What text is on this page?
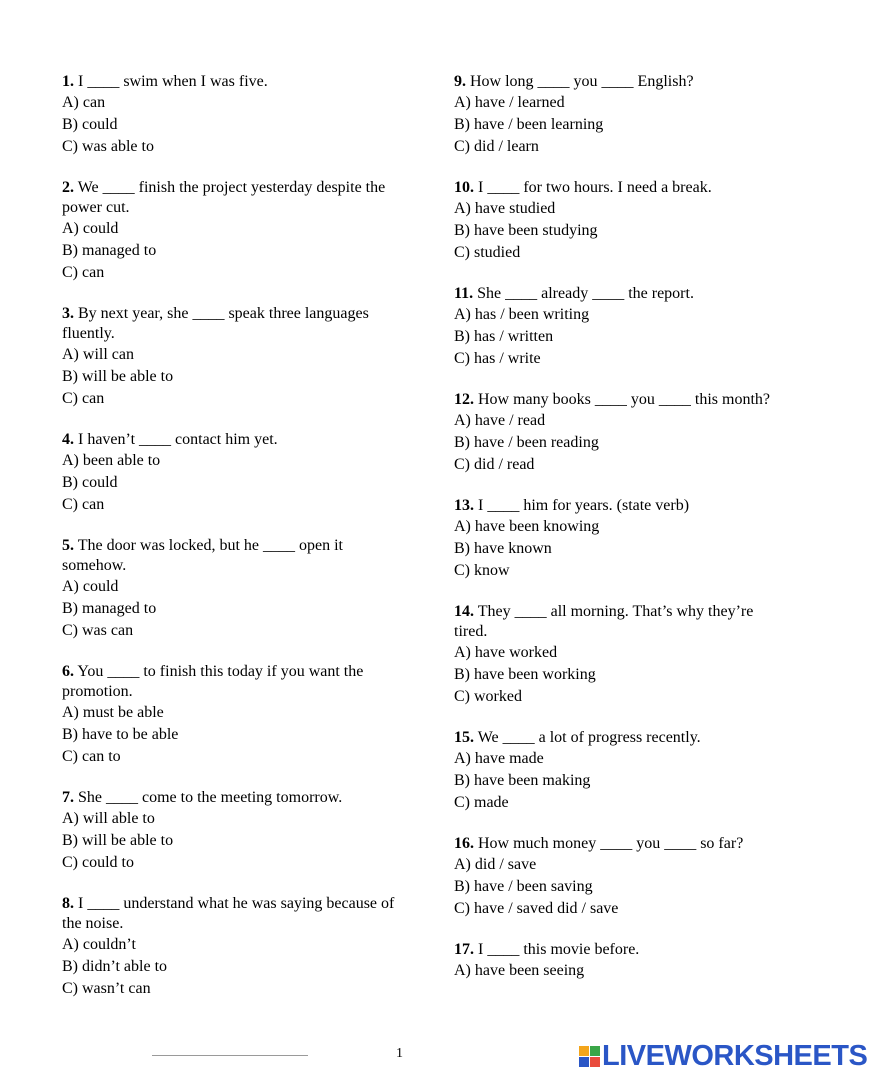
1. I ____ swim when I was five.
A) can
B) could
C) was able to
2. We ____ finish the project yesterday despite the power cut.
A) could
B) managed to
C) can
3. By next year, she ____ speak three languages fluently.
A) will can
B) will be able to
C) can
4. I haven’t ____ contact him yet.
A) been able to
B) could
C) can
5. The door was locked, but he ____ open it somehow.
A) could
B) managed to
C) was can
6. You ____ to finish this today if you want the promotion.
A) must be able
B) have to be able
C) can to
7. She ____ come to the meeting tomorrow.
A) will able to
B) will be able to
C) could to
8. I ____ understand what he was saying because of the noise.
A) couldn’t
B) didn’t able to
C) wasn’t can
9. How long ____ you ____ English?
A) have / learned
B) have / been learning
C) did / learn
10. I ____ for two hours. I need a break.
A) have studied
B) have been studying
C) studied
11. She ____ already ____ the report.
A) has / been writing
B) has / written
C) has / write
12. How many books ____ you ____ this month?
A) have / read
B) have / been reading
C) did / read
13. I ____ him for years. (state verb)
A) have been knowing
B) have known
C) know
14. They ____ all morning. That’s why they’re tired.
A) have worked
B) have been working
C) worked
15. We ____ a lot of progress recently.
A) have made
B) have been making
C) made
16. How much money ____ you ____ so far?
A) did / save
B) have / been saving
C) have / saved did / save
17. I ____ this movie before.
A) have been seeing
1	LIVEWORKSHEETS
